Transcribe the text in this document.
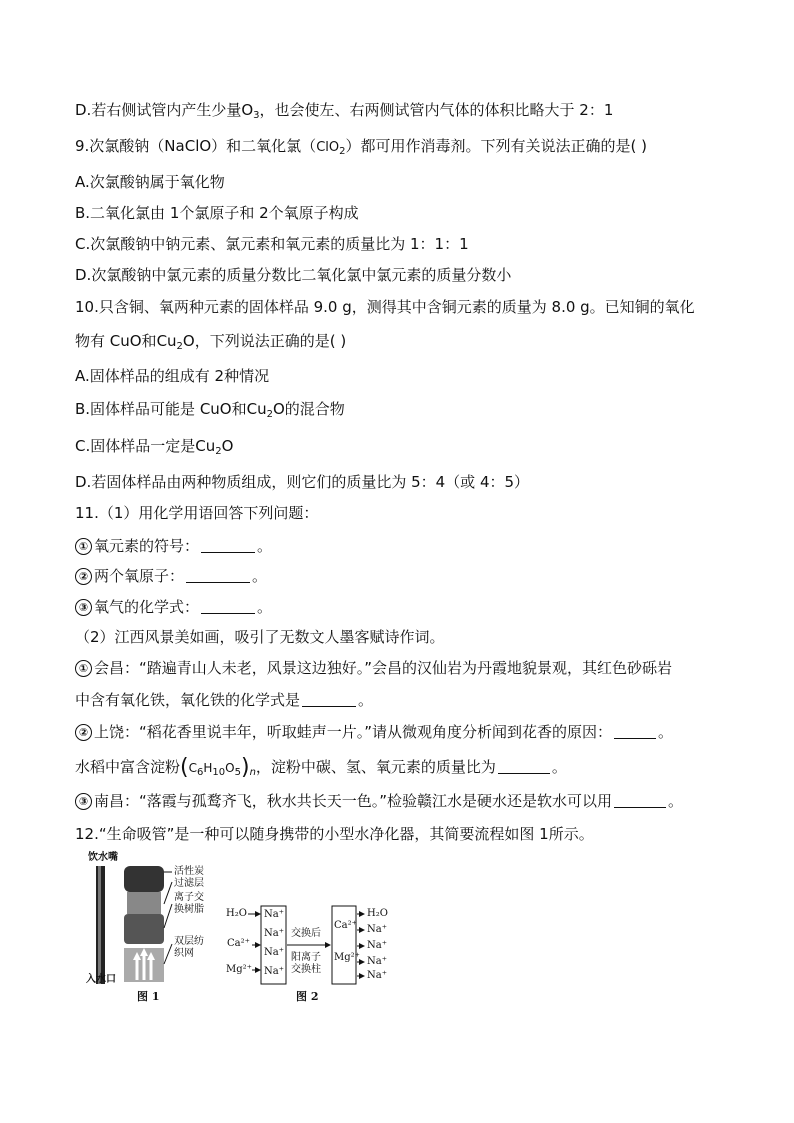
D.若右侧试管内产生少量$O_3$，也会使左、右两侧试管内气体的体积比略大于 2：1
9.次氯酸钠（NaClO）和二氧化氯（ClO$_2$）都可用作消毒剂。下列有关说法正确的是( )
A.次氯酸钠属于氧化物
B.二氧化氯由 1个氯原子和 2个氧原子构成
C.次氯酸钠中钠元素、氯元素和氧元素的质量比为 1：1：1
D.次氯酸钠中氯元素的质量分数比二氧化氯中氯元素的质量分数小
10.只含铜、氧两种元素的固体样品 9.0 g，测得其中含铜元素的质量为 8.0 g。已知铜的氧化
物有 CuO和$Cu_2O$，下列说法正确的是( )
A.固体样品的组成有 2种情况
B.固体样品可能是 CuO和$Cu_2O$的混合物
C.固体样品一定是$Cu_2O$
D.若固体样品由两种物质组成，则它们的质量比为 5：4（或 4：5）
11.（1）用化学用语回答下列问题：
氧元素的符号：	。
两个氧原子：	。
氧气的化学式：	。
（2）江西风景美如画，吸引了无数文人墨客赋诗作词。
会昌：“踏遍青山人未老，风景这边独好。”会昌的汉仙岩为丹霞地貌景观，其红色砂砾岩
中含有氧化铁，氧化铁的化学式是	。
上饶：“稻花香里说丰年，听取蛙声一片。”请从微观角度分析闻到花香的原因：	。
水稻中富含淀粉$(C_6H_{10}O_5)_n$，淀粉中碳、氢、氧元素的质量比为	。
南昌：“落霞与孤鹜齐飞，秋水共长天一色。”检验赣江水是硬水还是软水可以用	。
①
②
③
①
②
③
12.“生命吸管”是一种可以随身携带的小型水净化器，其简要流程如图 1所示。
饮水嘴
活性炭
过滤层
离子交
换树脂
双层纺
织网
入水口
图 1
H₂O
Ca²⁺
Mg²⁺
Na⁺
Na⁺
Na⁺
Na⁺
交换后
阳离子
交换柱
Ca²⁺
Mg²⁺
H₂O
Na⁺
Na⁺
Na⁺
Na⁺
图 2
